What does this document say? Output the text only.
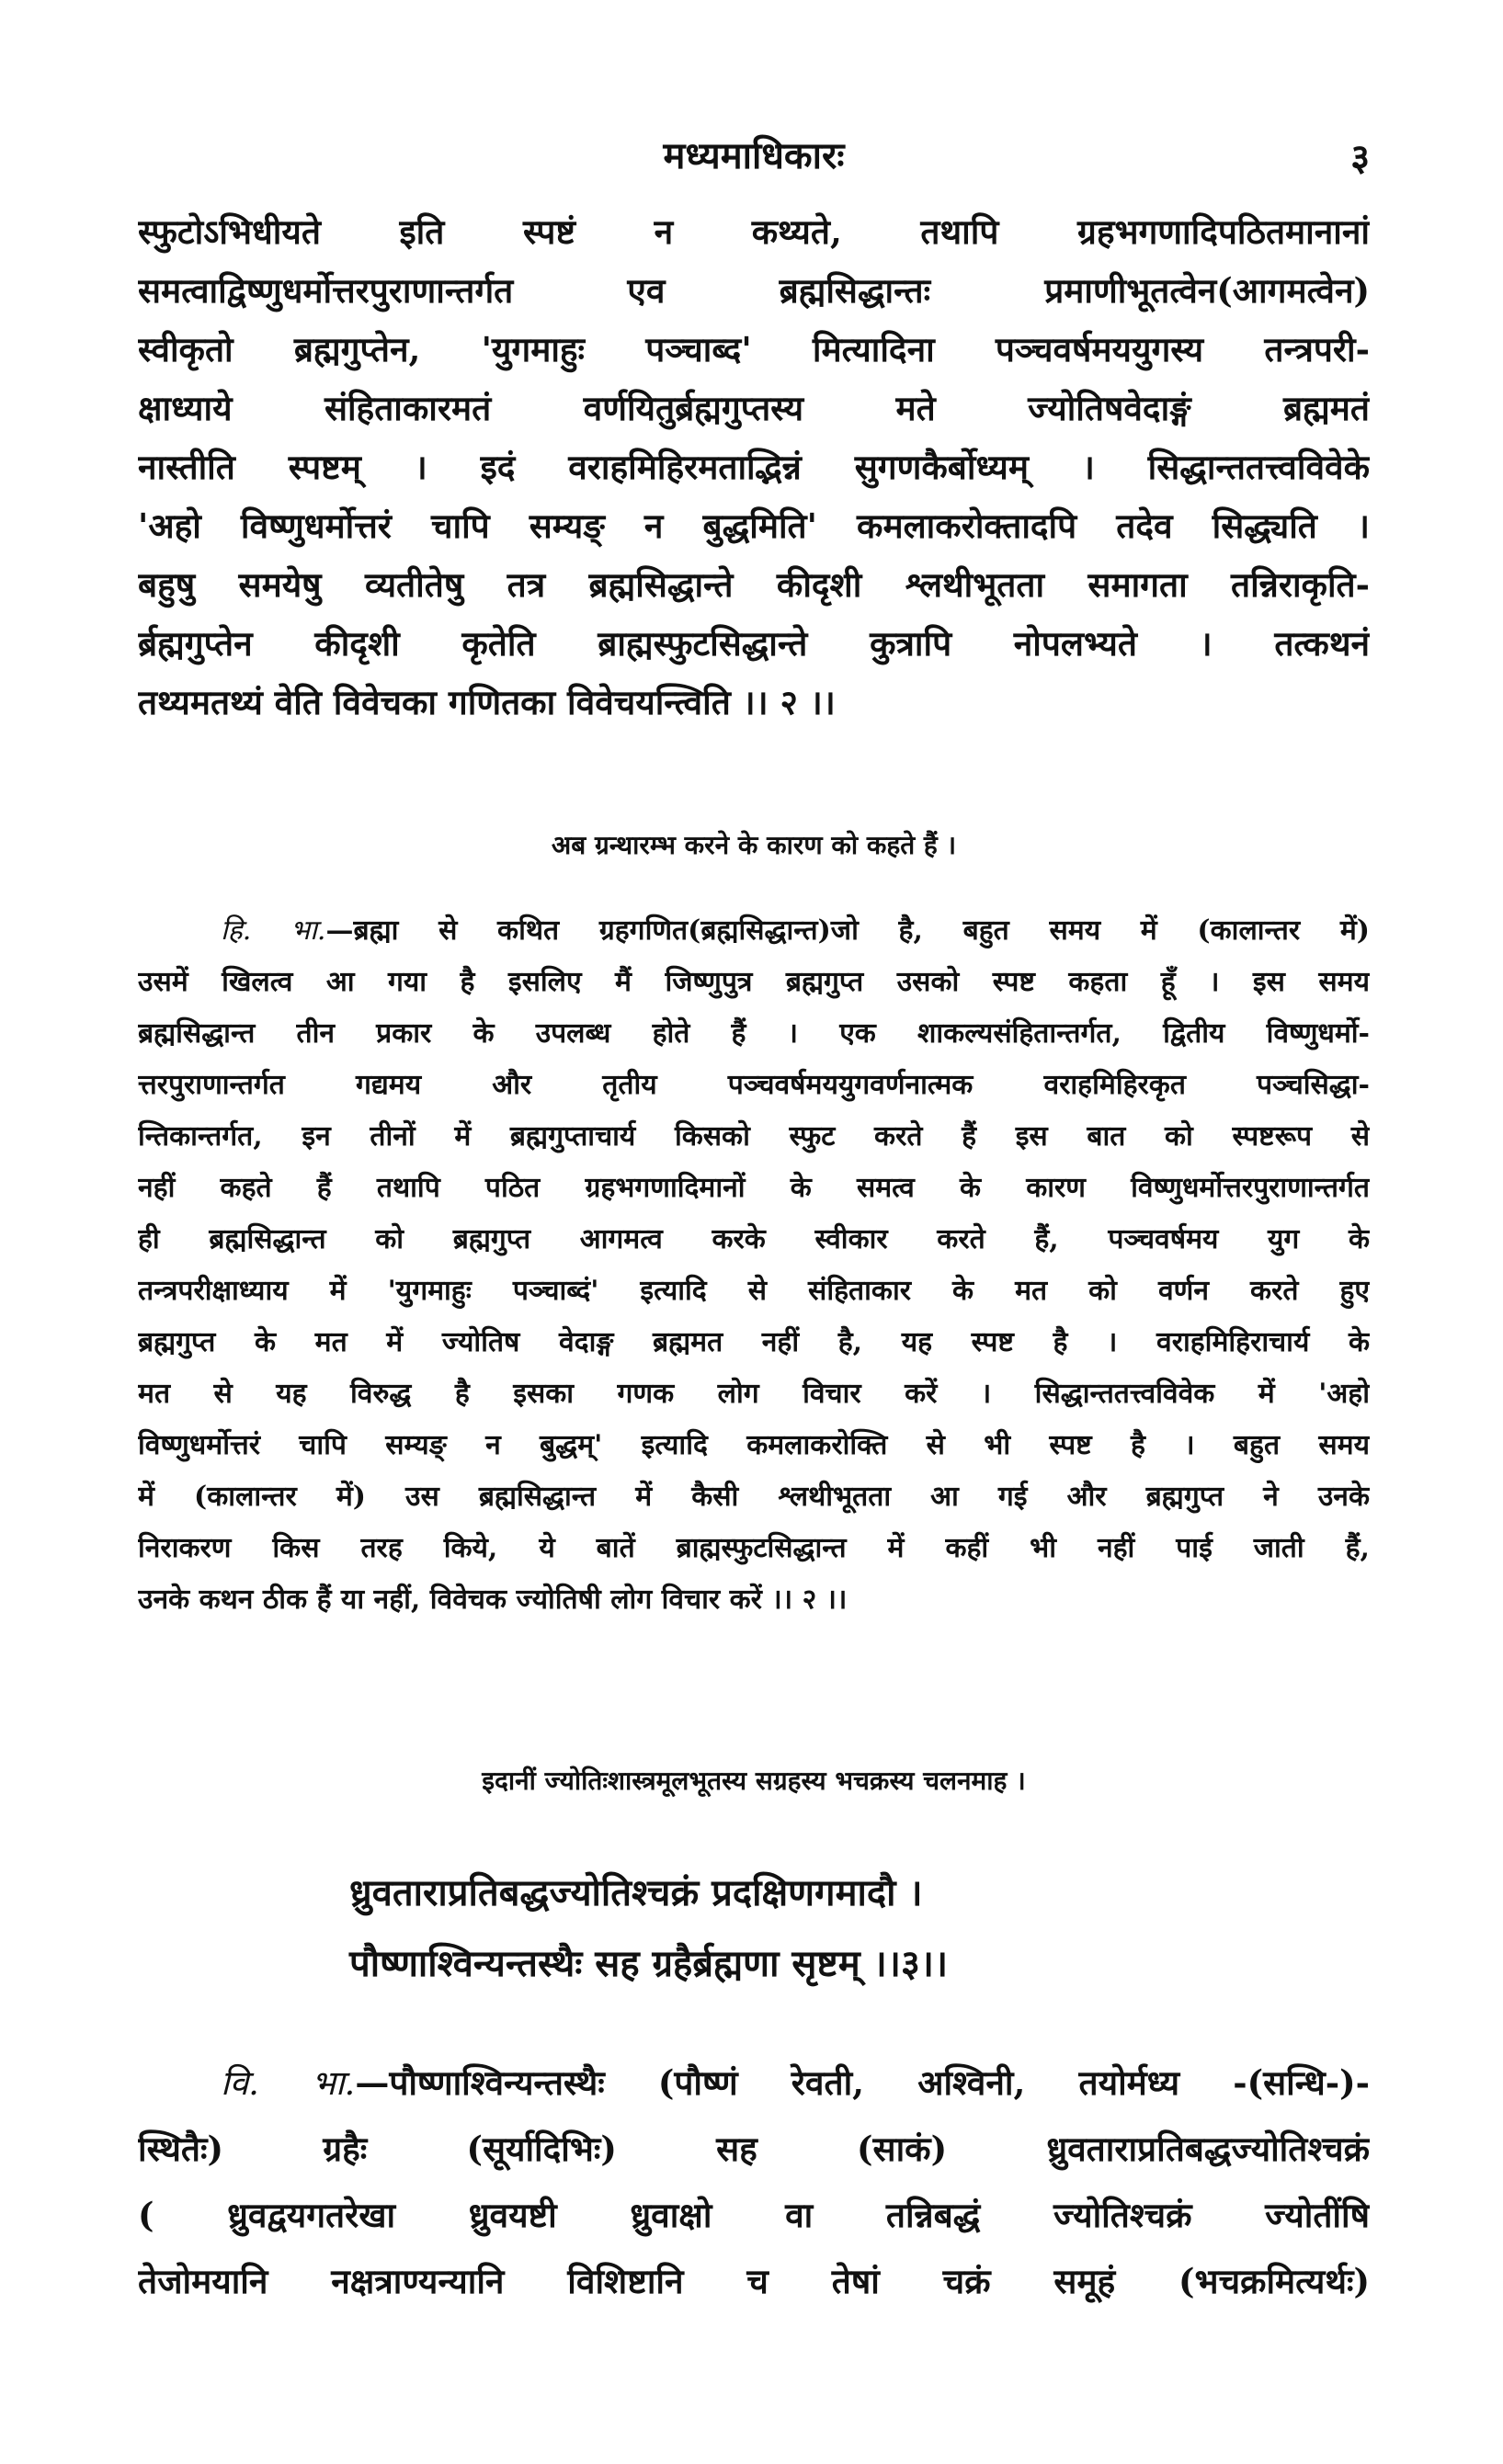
मध्यमाधिकारः	३
स्फुटोऽभिधीयते इति स्पष्टं न कथ्यते, तथापि ग्रहभगणादिपठितमानानां
समत्वाद्विष्णुधर्मोत्तरपुराणान्तर्गत एव ब्रह्मसिद्धान्तः प्रमाणीभूतत्वेन(आगमत्वेन)
स्वीकृतो ब्रह्मगुप्तेन, 'युगमाहुः पञ्चाब्द' मित्यादिना पञ्चवर्षमययुगस्य तन्त्रपरी-
क्षाध्याये संहिताकारमतं वर्णयितुर्ब्रह्मगुप्तस्य मते ज्योतिषवेदाङ्गं ब्रह्ममतं
नास्तीति स्पष्टम् । इदं वराहमिहिरमताद्भिन्नं सुगणकैर्बोध्यम् । सिद्धान्ततत्त्वविवेके
'अहो विष्णुधर्मोत्तरं चापि सम्यङ् न बुद्धमिति' कमलाकरोक्तादपि तदेव सिद्ध्यति ।
बहुषु समयेषु व्यतीतेषु तत्र ब्रह्मसिद्धान्ते कीदृशी श्लथीभूतता समागता तन्निराकृति-
र्ब्रह्मगुप्तेन कीदृशी कृतेति ब्राह्मस्फुटसिद्धान्ते कुत्रापि नोपलभ्यते । तत्कथनं
तथ्यमतथ्यं वेति विवेचका गणितका विवेचयन्त्विति ।। २ ।।
अब ग्रन्थारम्भ करने के कारण को कहते हैं ।
हि. भा.—ब्रह्मा से कथित ग्रहगणित(ब्रह्मसिद्धान्त)जो है, बहुत समय में (कालान्तर में)
उसमें खिलत्व आ गया है इसलिए मैं जिष्णुपुत्र ब्रह्मगुप्त उसको स्पष्ट कहता हूँ । इस समय
ब्रह्मसिद्धान्त तीन प्रकार के उपलब्ध होते हैं । एक शाकल्यसंहितान्तर्गत, द्वितीय विष्णुधर्मो-
त्तरपुराणान्तर्गत गद्यमय और तृतीय पञ्चवर्षमययुगवर्णनात्मक वराहमिहिरकृत पञ्चसिद्धा-
न्तिकान्तर्गत, इन तीनों में ब्रह्मगुप्ताचार्य किसको स्फुट करते हैं इस बात को स्पष्टरूप से
नहीं कहते हैं तथापि पठित ग्रहभगणादिमानों के समत्व के कारण विष्णुधर्मोत्तरपुराणान्तर्गत
ही ब्रह्मसिद्धान्त को ब्रह्मगुप्त आगमत्व करके स्वीकार करते हैं, पञ्चवर्षमय युग के
तन्त्रपरीक्षाध्याय में 'युगमाहुः पञ्चाब्दं' इत्यादि से संहिताकार के मत को वर्णन करते हुए
ब्रह्मगुप्त के मत में ज्योतिष वेदाङ्ग ब्रह्ममत नहीं है, यह स्पष्ट है । वराहमिहिराचार्य के
मत से यह विरुद्ध है इसका गणक लोग विचार करें । सिद्धान्ततत्त्वविवेक में 'अहो
विष्णुधर्मोत्तरं चापि सम्यङ् न बुद्धम्' इत्यादि कमलाकरोक्ति से भी स्पष्ट है । बहुत समय
में (कालान्तर में) उस ब्रह्मसिद्धान्त में कैसी श्लथीभूतता आ गई और ब्रह्मगुप्त ने उनके
निराकरण किस तरह किये, ये बातें ब्राह्मस्फुटसिद्धान्त में कहीं भी नहीं पाई जाती हैं,
उनके कथन ठीक हैं या नहीं, विवेचक ज्योतिषी लोग विचार करें ।। २ ।।
इदानीं ज्योतिःशास्त्रमूलभूतस्य सग्रहस्य भचक्रस्य चलनमाह ।
ध्रुवताराप्रतिबद्धज्योतिश्चक्रं प्रदक्षिणगमादौ ।
पौष्णाश्विन्यन्तस्थैः सह ग्रहैर्ब्रह्मणा सृष्टम् ।।३।।
वि. भा.—पौष्णाश्विन्यन्तस्थैः (पौष्णं रेवती, अश्विनी, तयोर्मध्य -(सन्धि-)-
स्थितैः) ग्रहैः (सूर्यादिभिः) सह (साकं) ध्रुवताराप्रतिबद्धज्योतिश्चक्रं
( ध्रुवद्वयगतरेखा ध्रुवयष्टी ध्रुवाक्षो वा तन्निबद्धं ज्योतिश्चक्रं ज्योतींषि
तेजोमयानि नक्षत्राण्यन्यानि विशिष्टानि च तेषां चक्रं समूहं (भचक्रमित्यर्थः)
